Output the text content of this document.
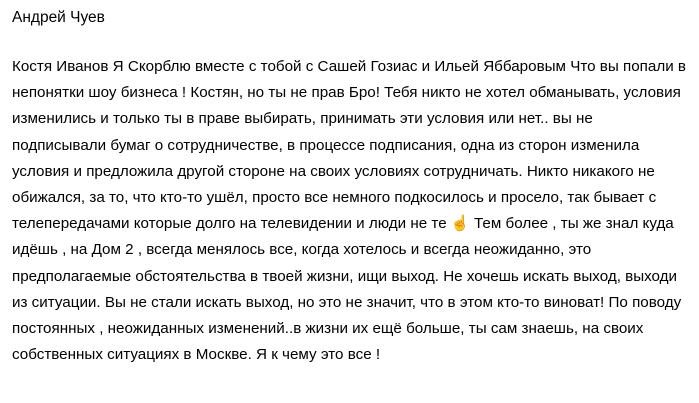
Андрей Чуев
Костя Иванов Я Скорблю вместе с тобой с Сашей Гозиас и Ильей Яббаровым Что вы попали в непонятки шоу бизнеса ! Костян, но ты не прав Бро! Тебя никто не хотел обманывать, условия изменились и только ты в праве выбирать, принимать эти условия или нет.. вы не подписывали бумаг о сотрудничестве, в процессе подписания, одна из сторон изменила условия и предложила другой стороне на своих условиях сотрудничать. Никто никакого не обижался, за то, что кто-то ушёл, просто все немного подкосилось и просело, так бывает с телепередачами которые долго на телевидении и люди не те ☝ Тем более , ты же знал куда идёшь , на Дом 2 , всегда менялось все, когда хотелось и всегда неожиданно, это предполагаемые обстоятельства в твоей жизни, ищи выход. Не хочешь искать выход, выходи из ситуации. Вы не стали искать выход, но это не значит, что в этом кто-то виноват! По поводу постоянных , неожиданных изменений..в жизни их ещё больше, ты сам знаешь, на своих собственных ситуациях в Москве. Я к чему это все !
